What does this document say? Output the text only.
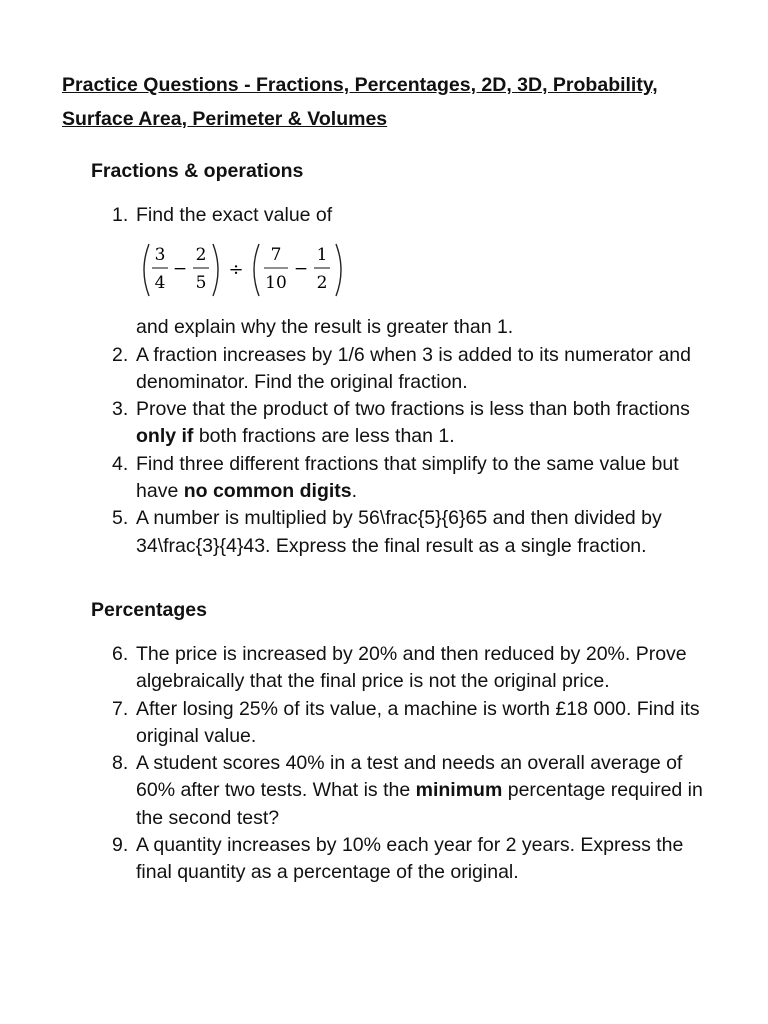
Practice Questions - Fractions, Percentages, 2D, 3D, Probability, Surface Area, Perimeter & Volumes

Fractions & operations

1. Find the exact value of
3
4
−
2
5
÷
7
10
−
1
2
and explain why the result is greater than 1.
2. A fraction increases by 1/6 when 3 is added to its numerator and denominator. Find the original fraction.
3. Prove that the product of two fractions is less than both fractions only if both fractions are less than 1.
4. Find three different fractions that simplify to the same value but have no common digits.
5. A number is multiplied by 56\frac{5}{6}65 and then divided by 34\frac{3}{4}43. Express the final result as a single fraction.

Percentages

6. The price is increased by 20% and then reduced by 20%. Prove algebraically that the final price is not the original price.
7. After losing 25% of its value, a machine is worth £18 000. Find its original value.
8. A student scores 40% in a test and needs an overall average of 60% after two tests. What is the minimum percentage required in the second test?
9. A quantity increases by 10% each year for 2 years. Express the final quantity as a percentage of the original.
